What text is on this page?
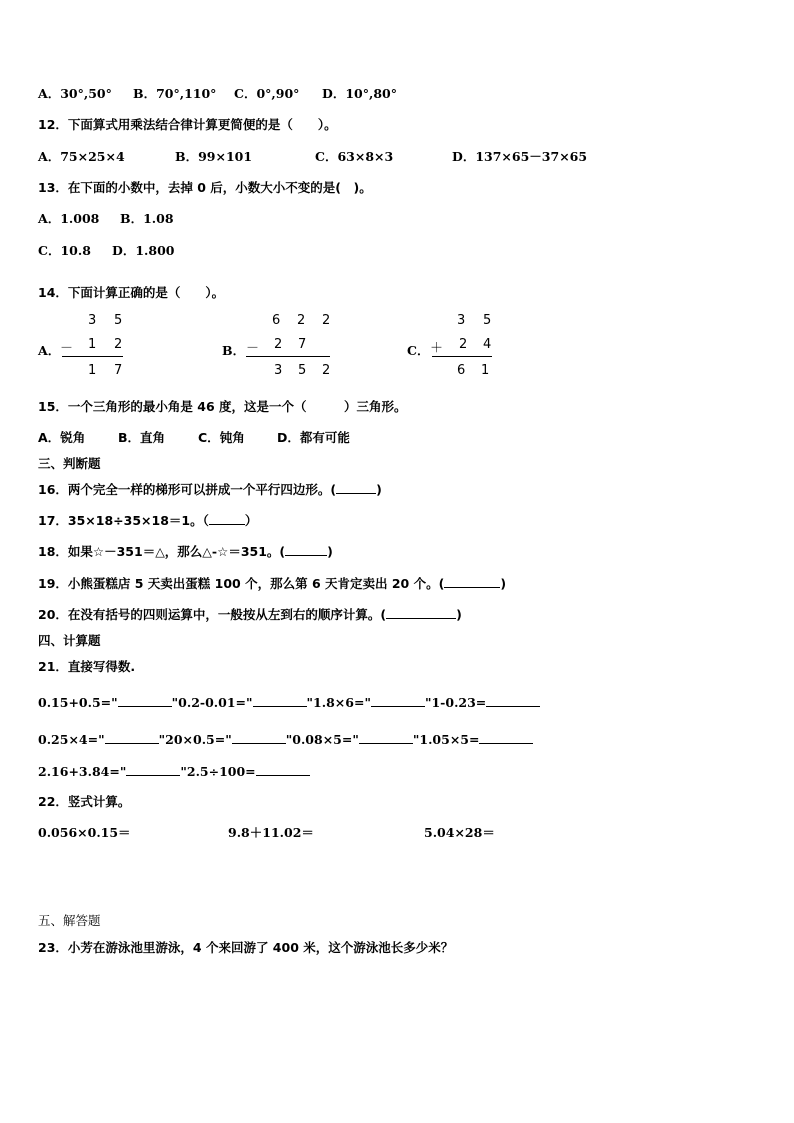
A．30°,50° B．70°,110° C．0°,90° D．10°,80°
12．下面算式用乘法结合律计算更简便的是（　　）。
A．75×25×4	B．99×101	C．63×8×3	D．137×65－37×65
13．在下面的小数中，去掉 0 后，小数大小不变的是(　)。
A．1.008 B．1.08
C．10.8 D．1.800
14．下面计算正确的是（　　）。
A．
3 5
－ 1 2
1 7
B．
6 2 2
－ 2 7
3 5 2
C．
3 5
＋ 2 4
6 1
15．一个三角形的最小角是 46 度，这是一个（　　　）三角形。
A．锐角	B．直角	C．钝角	D．都有可能
三、判断题
16．两个完全一样的梯形可以拼成一个平行四边形。(	)
17．35×18÷35×18＝1。（	）
18．如果☆－351＝△，那么△-☆＝351。(	)
19．小熊蛋糕店 5 天卖出蛋糕 100 个，那么第 6 天肯定卖出 20 个。(	)
20．在没有括号的四则运算中，一般按从左到右的顺序计算。(	)
四、计算题
21．直接写得数.
0.15+0.5="	"0.2-0.01="	"1.8×6="	"1-0.23=
0.25×4="	"20×0.5="	"0.08×5="	"1.05×5=
2.16+3.84="	"2.5÷100=
22．竖式计算。
0.056×0.15＝	9.8＋11.02＝	5.04×28＝
五、解答题
23．小芳在游泳池里游泳，4 个来回游了 400 米，这个游泳池长多少米？
